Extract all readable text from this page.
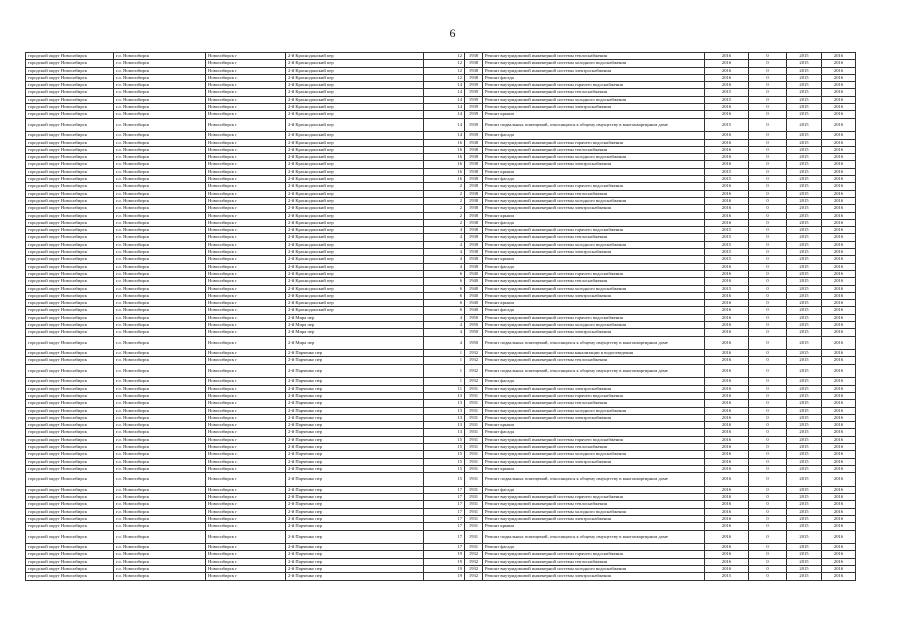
6
городской округ Новосибирск	г.о. Новосибирск	Новосибирск г	2-й Краснодонский пер	12	1938	Ремонт внутридомовой инженерной системы теплоснабжения	2016	0	2015	2016
городской округ Новосибирск	г.о. Новосибирск	Новосибирск г	2-й Краснодонский пер	12	1938	Ремонт внутридомовой инженерной системы холодного водоснабжения	2016	0	2015	2016
городской округ Новосибирск	г.о. Новосибирск	Новосибирск г	2-й Краснодонский пер	12	1938	Ремонт внутридомовой инженерной системы электроснабжения	2016	0	2015	2016
городской округ Новосибирск	г.о. Новосибирск	Новосибирск г	2-й Краснодонский пер	12	1938	Ремонт фасада	2016	0	2015	2016
городской округ Новосибирск	г.о. Новосибирск	Новосибирск г	2-й Краснодонский пер	14	1939	Ремонт внутридомовой инженерной системы горячего водоснабжения	2016	0	2015	2016
городской округ Новосибирск	г.о. Новосибирск	Новосибирск г	2-й Краснодонский пер	14	1939	Ремонт внутридомовой инженерной системы теплоснабжения	2015	0	2015	2016
городской округ Новосибирск	г.о. Новосибирск	Новосибирск г	2-й Краснодонский пер	14	1939	Ремонт внутридомовой инженерной системы холодного водоснабжения	2015	0	2015	2016
городской округ Новосибирск	г.о. Новосибирск	Новосибирск г	2-й Краснодонский пер	14	1939	Ремонт внутридомовой инженерной системы электроснабжения	2016	0	2015	2016
городской округ Новосибирск	г.о. Новосибирск	Новосибирск г	2-й Краснодонский пер	14	1939	Ремонт крыши	2016	0	2015	2016
городской округ Новосибирск	г.о. Новосибирск	Новосибирск г	2-й Краснодонский пер	14	1939	Ремонт подвальных помещений, относящихся к общему имуществу в многоквартирном доме	2015	0	2015	2016
городской округ Новосибирск	г.о. Новосибирск	Новосибирск г	2-й Краснодонский пер	14	1939	Ремонт фасада	2016	0	2015	2016
городской округ Новосибирск	г.о. Новосибирск	Новосибирск г	2-й Краснодонский пер	16	1938	Ремонт внутридомовой инженерной системы горячего водоснабжения	2016	0	2015	2016
городской округ Новосибирск	г.о. Новосибирск	Новосибирск г	2-й Краснодонский пер	16	1938	Ремонт внутридомовой инженерной системы теплоснабжения	2016	0	2015	2016
городской округ Новосибирск	г.о. Новосибирск	Новосибирск г	2-й Краснодонский пер	16	1938	Ремонт внутридомовой инженерной системы холодного водоснабжения	2016	0	2015	2016
городской округ Новосибирск	г.о. Новосибирск	Новосибирск г	2-й Краснодонский пер	16	1938	Ремонт внутридомовой инженерной системы электроснабжения	2016	0	2015	2016
городской округ Новосибирск	г.о. Новосибирск	Новосибирск г	2-й Краснодонский пер	16	1938	Ремонт крыши	2015	0	2015	2016
городской округ Новосибирск	г.о. Новосибирск	Новосибирск г	2-й Краснодонский пер	16	1938	Ремонт фасада	2015	0	2015	2016
городской округ Новосибирск	г.о. Новосибирск	Новосибирск г	2-й Краснодонский пер	2	1938	Ремонт внутридомовой инженерной системы горячего водоснабжения	2016	0	2015	2016
городской округ Новосибирск	г.о. Новосибирск	Новосибирск г	2-й Краснодонский пер	2	1938	Ремонт внутридомовой инженерной системы теплоснабжения	2016	0	2015	2016
городской округ Новосибирск	г.о. Новосибирск	Новосибирск г	2-й Краснодонский пер	2	1938	Ремонт внутридомовой инженерной системы холодного водоснабжения	2016	0	2015	2016
городской округ Новосибирск	г.о. Новосибирск	Новосибирск г	2-й Краснодонский пер	2	1938	Ремонт внутридомовой инженерной системы электроснабжения	2016	0	2015	2016
городской округ Новосибирск	г.о. Новосибирск	Новосибирск г	2-й Краснодонский пер	2	1938	Ремонт крыши	2016	0	2015	2016
городской округ Новосибирск	г.о. Новосибирск	Новосибирск г	2-й Краснодонский пер	2	1938	Ремонт фасада	2016	0	2015	2016
городской округ Новосибирск	г.о. Новосибирск	Новосибирск г	2-й Краснодонский пер	4	1938	Ремонт внутридомовой инженерной системы горячего водоснабжения	2015	0	2015	2016
городской округ Новосибирск	г.о. Новосибирск	Новосибирск г	2-й Краснодонский пер	4	1938	Ремонт внутридомовой инженерной системы теплоснабжения	2015	0	2015	2016
городской округ Новосибирск	г.о. Новосибирск	Новосибирск г	2-й Краснодонский пер	4	1938	Ремонт внутридомовой инженерной системы холодного водоснабжения	2015	0	2015	2016
городской округ Новосибирск	г.о. Новосибирск	Новосибирск г	2-й Краснодонский пер	4	1938	Ремонт внутридомовой инженерной системы электроснабжения	2015	0	2015	2016
городской округ Новосибирск	г.о. Новосибирск	Новосибирск г	2-й Краснодонский пер	4	1938	Ремонт крыши	2015	0	2015	2016
городской округ Новосибирск	г.о. Новосибирск	Новосибирск г	2-й Краснодонский пер	4	1938	Ремонт фасада	2016	0	2015	2016
городской округ Новосибирск	г.о. Новосибирск	Новосибирск г	2-й Краснодонский пер	6	1940	Ремонт внутридомовой инженерной системы горячего водоснабжения	2016	0	2015	2016
городской округ Новосибирск	г.о. Новосибирск	Новосибирск г	2-й Краснодонский пер	6	1940	Ремонт внутридомовой инженерной системы теплоснабжения	2016	0	2015	2016
городской округ Новосибирск	г.о. Новосибирск	Новосибирск г	2-й Краснодонский пер	6	1940	Ремонт внутридомовой инженерной системы холодного водоснабжения	2015	0	2015	2016
городской округ Новосибирск	г.о. Новосибирск	Новосибирск г	2-й Краснодонский пер	6	1940	Ремонт внутридомовой инженерной системы электроснабжения	2016	0	2015	2016
городской округ Новосибирск	г.о. Новосибирск	Новосибирск г	2-й Краснодонский пер	6	1940	Ремонт крыши	2016	0	2015	2016
городской округ Новосибирск	г.о. Новосибирск	Новосибирск г	2-й Краснодонский пер	6	1940	Ремонт фасада	2016	0	2015	2016
городской округ Новосибирск	г.о. Новосибирск	Новосибирск г	2-й Мира пер	4	1950	Ремонт внутридомовой инженерной системы горячего водоснабжения	2016	0	2015	2016
городской округ Новосибирск	г.о. Новосибирск	Новосибирск г	2-й Мира пер	4	1950	Ремонт внутридомовой инженерной системы холодного водоснабжения	2016	0	2015	2016
городской округ Новосибирск	г.о. Новосибирск	Новосибирск г	2-й Мира пер	4	1950	Ремонт внутридомовой инженерной системы электроснабжения	2016	0	2015	2016
городской округ Новосибирск	г.о. Новосибирск	Новосибирск г	2-й Мира пер	4	1950	Ремонт подвальных помещений, относящихся к общему имуществу в многоквартирном доме	2016	0	2015	2016
городской округ Новосибирск	г.о. Новосибирск	Новосибирск г	2-й Парченко пер	1	1932	Ремонт внутридомовой инженерной системы канализации и водоотведения	2016	0	2015	2016
городской округ Новосибирск	г.о. Новосибирск	Новосибирск г	2-й Парченко пер	1	1932	Ремонт внутридомовой инженерной системы теплоснабжения	2016	0	2015	2016
городской округ Новосибирск	г.о. Новосибирск	Новосибирск г	2-й Парченко пер	1	1932	Ремонт подвальных помещений, относящихся к общему имуществу в многоквартирном доме	2016	0	2015	2016
городской округ Новосибирск	г.о. Новосибирск	Новосибирск г	2-й Парченко пер	1	1932	Ремонт фасада	2016	0	2015	2016
городской округ Новосибирск	г.о. Новосибирск	Новосибирск г	2-й Парченко пер	11	1931	Ремонт внутридомовой инженерной системы электроснабжения	2016	0	2015	2016
городской округ Новосибирск	г.о. Новосибирск	Новосибирск г	2-й Парченко пер	13	1931	Ремонт внутридомовой инженерной системы горячего водоснабжения	2016	0	2015	2016
городской округ Новосибирск	г.о. Новосибирск	Новосибирск г	2-й Парченко пер	13	1931	Ремонт внутридомовой инженерной системы теплоснабжения	2016	0	2015	2016
городской округ Новосибирск	г.о. Новосибирск	Новосибирск г	2-й Парченко пер	13	1931	Ремонт внутридомовой инженерной системы холодного водоснабжения	2016	0	2015	2016
городской округ Новосибирск	г.о. Новосибирск	Новосибирск г	2-й Парченко пер	13	1931	Ремонт внутридомовой инженерной системы электроснабжения	2016	0	2015	2016
городской округ Новосибирск	г.о. Новосибирск	Новосибирск г	2-й Парченко пер	13	1931	Ремонт крыши	2016	0	2015	2016
городской округ Новосибирск	г.о. Новосибирск	Новосибирск г	2-й Парченко пер	13	1931	Ремонт фасада	2016	0	2015	2016
городской округ Новосибирск	г.о. Новосибирск	Новосибирск г	2-й Парченко пер	15	1931	Ремонт внутридомовой инженерной системы горячего водоснабжения	2016	0	2015	2016
городской округ Новосибирск	г.о. Новосибирск	Новосибирск г	2-й Парченко пер	15	1931	Ремонт внутридомовой инженерной системы теплоснабжения	2016	0	2015	2016
городской округ Новосибирск	г.о. Новосибирск	Новосибирск г	2-й Парченко пер	15	1931	Ремонт внутридомовой инженерной системы холодного водоснабжения	2016	0	2015	2016
городской округ Новосибирск	г.о. Новосибирск	Новосибирск г	2-й Парченко пер	15	1931	Ремонт внутридомовой инженерной системы электроснабжения	2016	0	2015	2016
городской округ Новосибирск	г.о. Новосибирск	Новосибирск г	2-й Парченко пер	15	1931	Ремонт крыши	2016	0	2015	2016
городской округ Новосибирск	г.о. Новосибирск	Новосибирск г	2-й Парченко пер	15	1931	Ремонт подвальных помещений, относящихся к общему имуществу в многоквартирном доме	2016	0	2015	2016
городской округ Новосибирск	г.о. Новосибирск	Новосибирск г	2-й Парченко пер	17	1931	Ремонт фасада	2016	0	2015	2016
городской округ Новосибирск	г.о. Новосибирск	Новосибирск г	2-й Парченко пер	17	1931	Ремонт внутридомовой инженерной системы горячего водоснабжения	2016	0	2015	2016
городской округ Новосибирск	г.о. Новосибирск	Новосибирск г	2-й Парченко пер	17	1931	Ремонт внутридомовой инженерной системы теплоснабжения	2016	0	2015	2016
городской округ Новосибирск	г.о. Новосибирск	Новосибирск г	2-й Парченко пер	17	1931	Ремонт внутридомовой инженерной системы холодного водоснабжения	2016	0	2015	2016
городской округ Новосибирск	г.о. Новосибирск	Новосибирск г	2-й Парченко пер	17	1931	Ремонт внутридомовой инженерной системы электроснабжения	2016	0	2015	2016
городской округ Новосибирск	г.о. Новосибирск	Новосибирск г	2-й Парченко пер	17	1931	Ремонт крыши	2016	0	2015	2016
городской округ Новосибирск	г.о. Новосибирск	Новосибирск г	2-й Парченко пер	17	1931	Ремонт подвальных помещений, относящихся к общему имуществу в многоквартирном доме	2016	0	2015	2016
городской округ Новосибирск	г.о. Новосибирск	Новосибирск г	2-й Парченко пер	17	1931	Ремонт фасада	2016	0	2015	2016
городской округ Новосибирск	г.о. Новосибирск	Новосибирск г	2-й Парченко пер	19	1932	Ремонт внутридомовой инженерной системы горячего водоснабжения	2016	0	2015	2016
городской округ Новосибирск	г.о. Новосибирск	Новосибирск г	2-й Парченко пер	19	1932	Ремонт внутридомовой инженерной системы теплоснабжения	2016	0	2015	2016
городской округ Новосибирск	г.о. Новосибирск	Новосибирск г	2-й Парченко пер	19	1932	Ремонт внутридомовой инженерной системы холодного водоснабжения	2016	0	2015	2016
городской округ Новосибирск	г.о. Новосибирск	Новосибирск г	2-й Парченко пер	19	1932	Ремонт внутридомовой инженерной системы электроснабжения	2015	0	2015	2016
